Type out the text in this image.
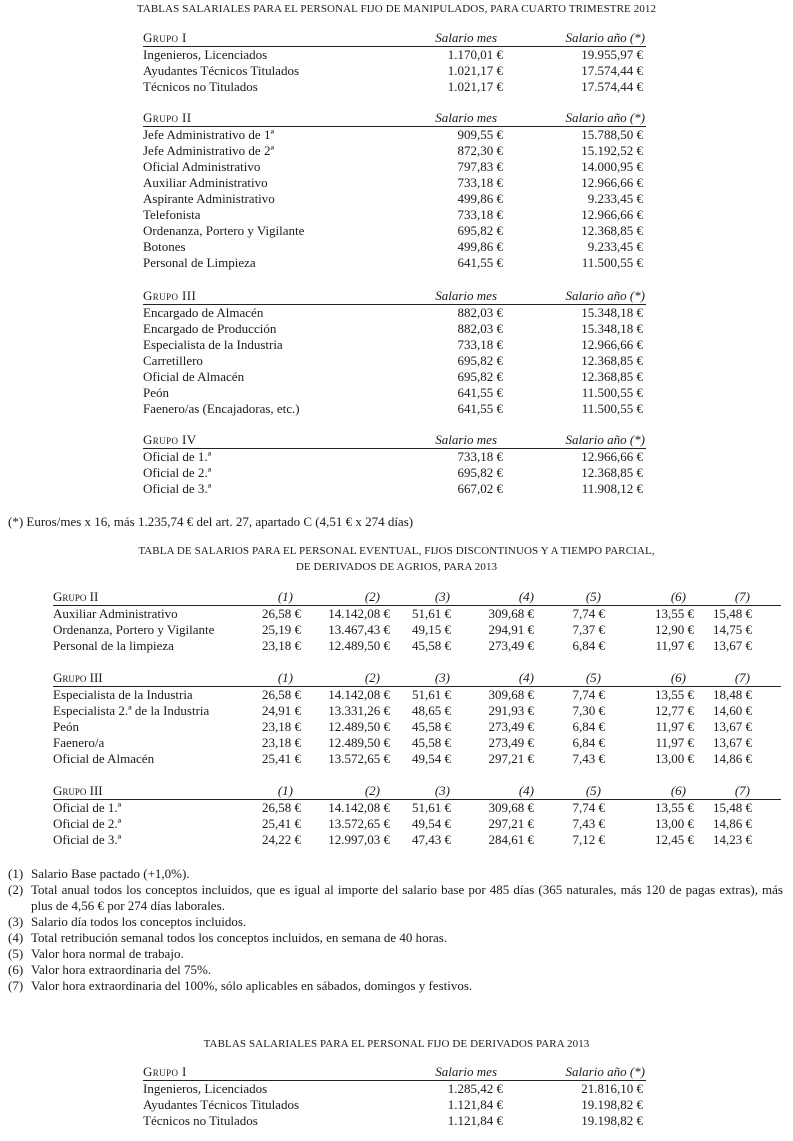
TABLAS SALARIALES PARA EL PERSONAL FIJO DE MANIPULADOS, PARA CUARTO TRIMESTRE 2012
Grupo I	Salario mes	Salario año (*)
Ingenieros, Licenciados	1.170,01 €	19.955,97 €
Ayudantes Técnicos Titulados	1.021,17 €	17.574,44 €
Técnicos no Titulados	1.021,17 €	17.574,44 €
Grupo II	Salario mes	Salario año (*)
Jefe Administrativo de 1ª	909,55 €	15.788,50 €
Jefe Administrativo de 2ª	872,30 €	15.192,52 €
Oficial Administrativo	797,83 €	14.000,95 €
Auxiliar Administrativo	733,18 €	12.966,66 €
Aspirante Administrativo	499,86 €	9.233,45 €
Telefonista	733,18 €	12.966,66 €
Ordenanza, Portero y Vigilante	695,82 €	12.368,85 €
Botones	499,86 €	9.233,45 €
Personal de Limpieza	641,55 €	11.500,55 €
Grupo III	Salario mes	Salario año (*)
Encargado de Almacén	882,03 €	15.348,18 €
Encargado de Producción	882,03 €	15.348,18 €
Especialista de la Industria	733,18 €	12.966,66 €
Carretillero	695,82 €	12.368,85 €
Oficial de Almacén	695,82 €	12.368,85 €
Peón	641,55 €	11.500,55 €
Faenero/as (Encajadoras, etc.)	641,55 €	11.500,55 €
Grupo IV	Salario mes	Salario año (*)
Oficial de 1.ª	733,18 €	12.966,66 €
Oficial de 2.ª	695,82 €	12.368,85 €
Oficial de 3.ª	667,02 €	11.908,12 €
(*) Euros/mes x 16, más 1.235,74 € del art. 27, apartado C (4,51 € x 274 días)
TABLA DE SALARIOS PARA EL PERSONAL EVENTUAL, FIJOS DISCONTINUOS Y A TIEMPO PARCIAL,
DE DERIVADOS DE AGRIOS, PARA 2013
Grupo II	(1)	(2)	(3)	(4)	(5)	(6)	(7)
Auxiliar Administrativo	26,58 €	14.142,08 €	51,61 €	309,68 €	7,74 €	13,55 €	15,48 €
Ordenanza, Portero y Vigilante	25,19 €	13.467,43 €	49,15 €	294,91 €	7,37 €	12,90 €	14,75 €
Personal de la limpieza	23,18 €	12.489,50 €	45,58 €	273,49 €	6,84 €	11,97 €	13,67 €
Grupo III	(1)	(2)	(3)	(4)	(5)	(6)	(7)
Especialista de la Industria	26,58 €	14.142,08 €	51,61 €	309,68 €	7,74 €	13,55 €	18,48 €
Especialista 2.ª de la Industria	24,91 €	13.331,26 €	48,65 €	291,93 €	7,30 €	12,77 €	14,60 €
Peón	23,18 €	12.489,50 €	45,58 €	273,49 €	6,84 €	11,97 €	13,67 €
Faenero/a	23,18 €	12.489,50 €	45,58 €	273,49 €	6,84 €	11,97 €	13,67 €
Oficial de Almacén	25,41 €	13.572,65 €	49,54 €	297,21 €	7,43 €	13,00 €	14,86 €
Grupo III	(1)	(2)	(3)	(4)	(5)	(6)	(7)
Oficial de 1.ª	26,58 €	14.142,08 €	51,61 €	309,68 €	7,74 €	13,55 €	15,48 €
Oficial de 2.ª	25,41 €	13.572,65 €	49,54 €	297,21 €	7,43 €	13,00 €	14,86 €
Oficial de 3.ª	24,22 €	12.997,03 €	47,43 €	284,61 €	7,12 €	12,45 €	14,23 €
(1) Salario Base pactado (+1,0%).
(2) Total anual todos los conceptos incluidos, que es igual al importe del salario base por 485 días (365 naturales, más 120 de pagas extras), más plus de 4,56 € por 274 días laborales.
(3) Salario día todos los conceptos incluidos.
(4) Total retribución semanal todos los conceptos incluidos, en semana de 40 horas.
(5) Valor hora normal de trabajo.
(6) Valor hora extraordinaria del 75%.
(7) Valor hora extraordinaria del 100%, sólo aplicables en sábados, domingos y festivos.
TABLAS SALARIALES PARA EL PERSONAL FIJO DE DERIVADOS PARA 2013
Grupo I	Salario mes	Salario año (*)
Ingenieros, Licenciados	1.285,42 €	21.816,10 €
Ayudantes Técnicos Titulados	1.121,84 €	19.198,82 €
Técnicos no Titulados	1.121,84 €	19.198,82 €
